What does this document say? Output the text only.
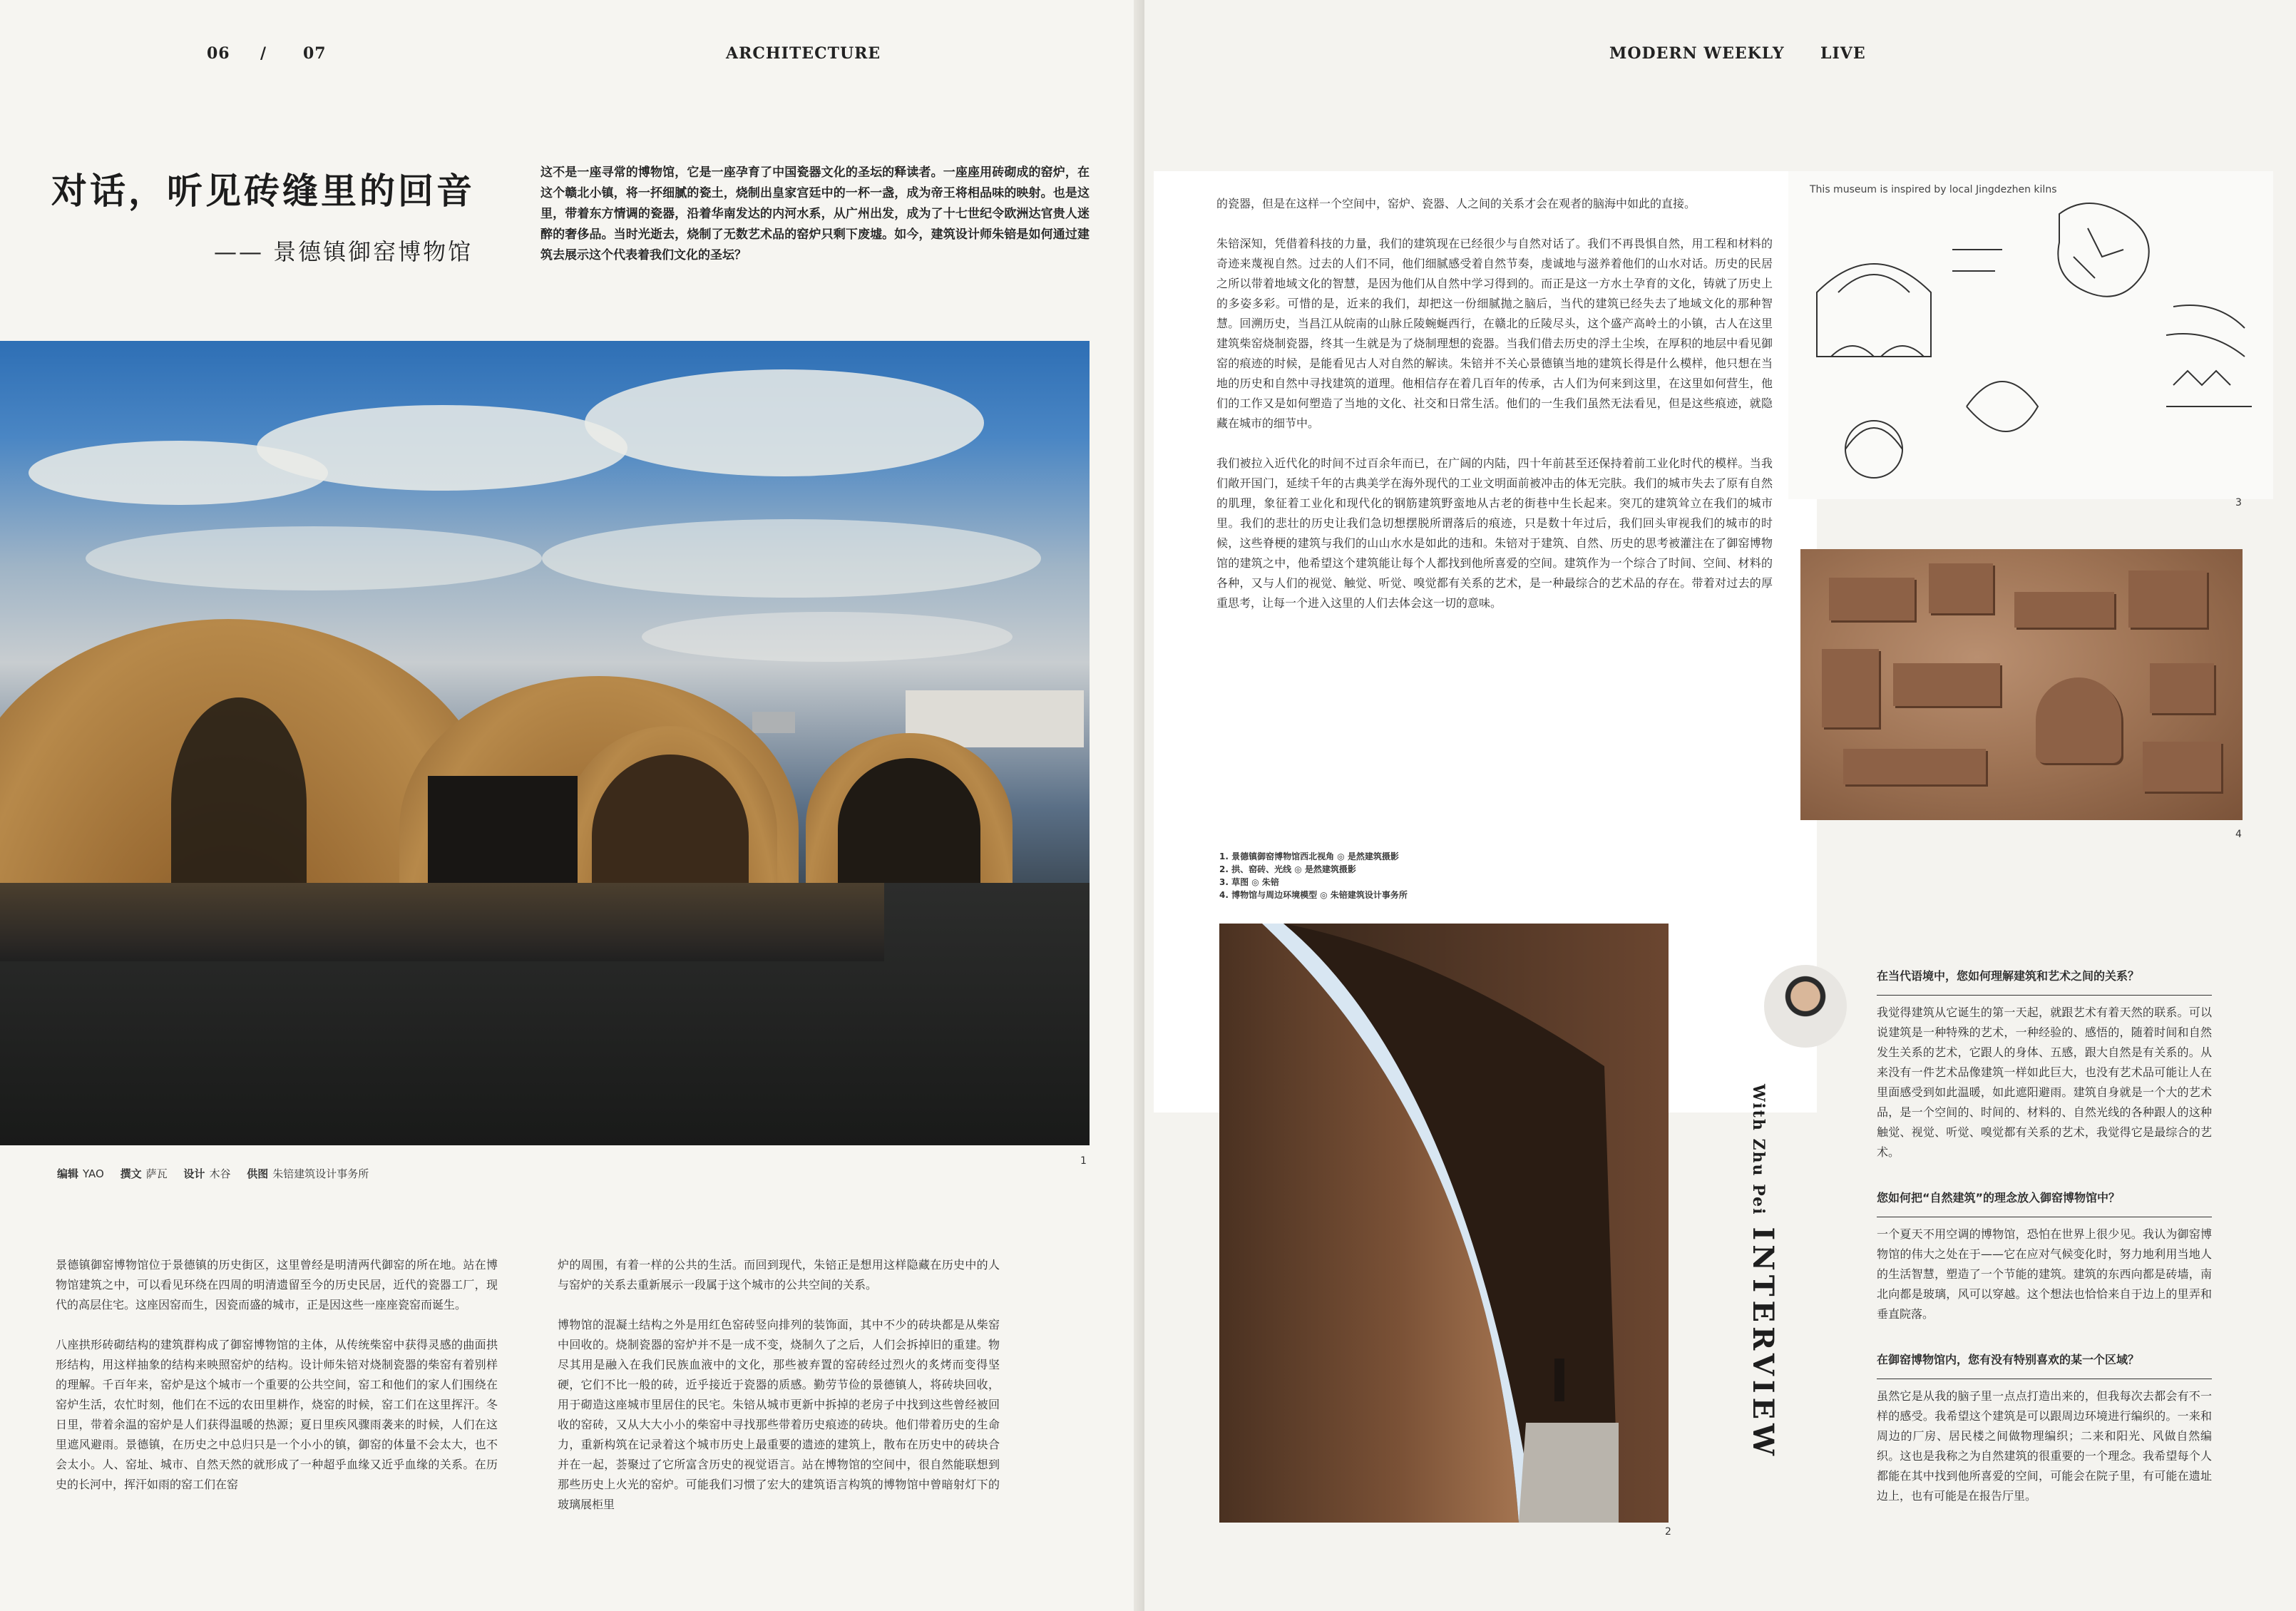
06 / 07	ARCHITECTURE
对话，听见砖缝里的回音
—— 景德镇御窑博物馆
这不是一座寻常的博物馆，它是一座孕育了中国瓷器文化的圣坛的释读者。一座座用砖砌成的窑炉，在这个赣北小镇，将一抔细腻的瓷土，烧制出皇家宫廷中的一杯一盏，成为帝王将相品味的映射。也是这里，带着东方情调的瓷器，沿着华南发达的内河水系，从广州出发，成为了十七世纪令欧洲达官贵人迷醉的奢侈品。当时光逝去，烧制了无数艺术品的窑炉只剩下废墟。如今，建筑设计师朱锫是如何通过建筑去展示这个代表着我们文化的圣坛？
编辑 YAO 撰文 萨瓦 设计 木谷 供图 朱锫建筑设计事务所
1

景德镇御窑博物馆位于景德镇的历史街区，这里曾经是明清两代御窑的所在地。站在博物馆建筑之中，可以看见环绕在四周的明清遗留至今的历史民居，近代的瓷器工厂，现代的高层住宅。这座因窑而生，因瓷而盛的城市，正是因这些一座座瓷窑而诞生。

八座拱形砖砌结构的建筑群构成了御窑博物馆的主体，从传统柴窑中获得灵感的曲面拱形结构，用这样抽象的结构来映照窑炉的结构。设计师朱锫对烧制瓷器的柴窑有着别样的理解。千百年来，窑炉是这个城市一个重要的公共空间，窑工和他们的家人们围绕在窑炉生活，农忙时刻，他们在不远的农田里耕作，烧窑的时候，窑工们在这里挥汗。冬日里，带着余温的窑炉是人们获得温暖的热源；夏日里疾风骤雨袭来的时候，人们在这里遮风避雨。景德镇，在历史之中总归只是一个小小的镇，御窑的体量不会太大，也不会太小。人、窑址、城市、自然天然的就形成了一种超乎血缘又近乎血缘的关系。在历史的长河中，挥汗如雨的窑工们在窑

炉的周围，有着一样的公共的生活。而回到现代，朱锫正是想用这样隐藏在历史中的人与窑炉的关系去重新展示一段属于这个城市的公共空间的关系。

博物馆的混凝土结构之外是用红色窑砖竖向排列的装饰面，其中不少的砖块都是从柴窑中回收的。烧制瓷器的窑炉并不是一成不变，烧制久了之后，人们会拆掉旧的重建。物尽其用是融入在我们民族血液中的文化，那些被弃置的窑砖经过烈火的炙烤而变得坚硬，它们不比一般的砖，近乎接近于瓷器的质感。勤劳节俭的景德镇人，将砖块回收，用于砌造这座城市里居住的民宅。朱锫从城市更新中拆掉的老房子中找到这些曾经被回收的窑砖，又从大大小小的柴窑中寻找那些带着历史痕迹的砖块。他们带着历史的生命力，重新构筑在记录着这个城市历史上最重要的遗迹的建筑上，散布在历史中的砖块合并在一起，荟聚过了它所富含历史的视觉语言。站在博物馆的空间中，很自然能联想到那些历史上火光的窑炉。可能我们习惯了宏大的建筑语言构筑的博物馆中曾暗射灯下的玻璃展柜里

MODERN WEEKLY LIVE

的瓷器，但是在这样一个空间中，窑炉、瓷器、人之间的关系才会在观者的脑海中如此的直接。

朱锫深知，凭借着科技的力量，我们的建筑现在已经很少与自然对话了。我们不再畏惧自然，用工程和材料的奇迹来蔑视自然。过去的人们不同，他们细腻感受着自然节奏，虔诚地与滋养着他们的山水对话。历史的民居之所以带着地域文化的智慧，是因为他们从自然中学习得到的。而正是这一方水土孕育的文化，铸就了历史上的多姿多彩。可惜的是，近来的我们，却把这一份细腻抛之脑后，当代的建筑已经失去了地域文化的那种智慧。回溯历史，当昌江从皖南的山脉丘陵蜿蜒西行，在赣北的丘陵尽头，这个盛产高岭土的小镇，古人在这里建筑柴窑烧制瓷器，终其一生就是为了烧制理想的瓷器。当我们借去历史的浮土尘埃，在厚积的地层中看见御窑的痕迹的时候，是能看见古人对自然的解读。朱锫并不关心景德镇当地的建筑长得是什么模样，他只想在当地的历史和自然中寻找建筑的道理。他相信存在着几百年的传承，古人们为何来到这里，在这里如何营生，他们的工作又是如何塑造了当地的文化、社交和日常生活。他们的一生我们虽然无法看见，但是这些痕迹，就隐藏在城市的细节中。

我们被拉入近代化的时间不过百余年而已，在广阔的内陆，四十年前甚至还保持着前工业化时代的模样。当我们敞开国门，延续千年的古典美学在海外现代的工业文明面前被冲击的体无完肤。我们的城市失去了原有自然的肌理，象征着工业化和现代化的钢筋建筑野蛮地从古老的街巷中生长起来。突兀的建筑耸立在我们的城市里。我们的悲壮的历史让我们急切想摆脱所谓落后的痕迹，只是数十年过后，我们回头审视我们的城市的时候，这些脊梗的建筑与我们的山山水水是如此的违和。朱锫对于建筑、自然、历史的思考被灌注在了御窑博物馆的建筑之中，他希望这个建筑能让每个人都找到他所喜爱的空间。建筑作为一个综合了时间、空间、材料的各种，又与人们的视觉、触觉、听觉、嗅觉都有关系的艺术，是一种最综合的艺术品的存在。带着对过去的厚重思考，让每一个进入这里的人们去体会这一切的意味。

This museum is inspired by local Jingdezhen kilns
3
4
1. 景德镇御窑博物馆西北视角 ◎ 是然建筑摄影
2. 拱、窑砖、光线 ◎ 是然建筑摄影
3. 草图 ◎ 朱锫
4. 博物馆与周边环境模型 ◎ 朱锫建筑设计事务所
2
With Zhu PeiINTERVIEW
在当代语境中，您如何理解建筑和艺术之间的关系？
我觉得建筑从它诞生的第一天起，就跟艺术有着天然的联系。可以说建筑是一种特殊的艺术，一种经验的、感悟的，随着时间和自然发生关系的艺术，它跟人的身体、五感，跟大自然是有关系的。从来没有一件艺术品像建筑一样如此巨大，也没有艺术品可能让人在里面感受到如此温暖，如此遮阳避雨。建筑自身就是一个大的艺术品，是一个空间的、时间的、材料的、自然光线的各种跟人的这种触觉、视觉、听觉、嗅觉都有关系的艺术，我觉得它是最综合的艺术。
您如何把“自然建筑”的理念放入御窑博物馆中？
一个夏天不用空调的博物馆，恐怕在世界上很少见。我认为御窑博物馆的伟大之处在于——它在应对气候变化时，努力地利用当地人的生活智慧，塑造了一个节能的建筑。建筑的东西向都是砖墙，南北向都是玻璃，风可以穿越。这个想法也恰恰来自于边上的里弄和垂直院落。
在御窑博物馆内，您有没有特别喜欢的某一个区域？
虽然它是从我的脑子里一点点打造出来的，但我每次去都会有不一样的感受。我希望这个建筑是可以跟周边环境进行编织的。一来和周边的厂房、居民楼之间做物理编织；二来和阳光、风做自然编织。这也是我称之为自然建筑的很重要的一个理念。我希望每个人都能在其中找到他所喜爱的空间，可能会在院子里，有可能在遗址边上，也有可能是在报告厅里。
